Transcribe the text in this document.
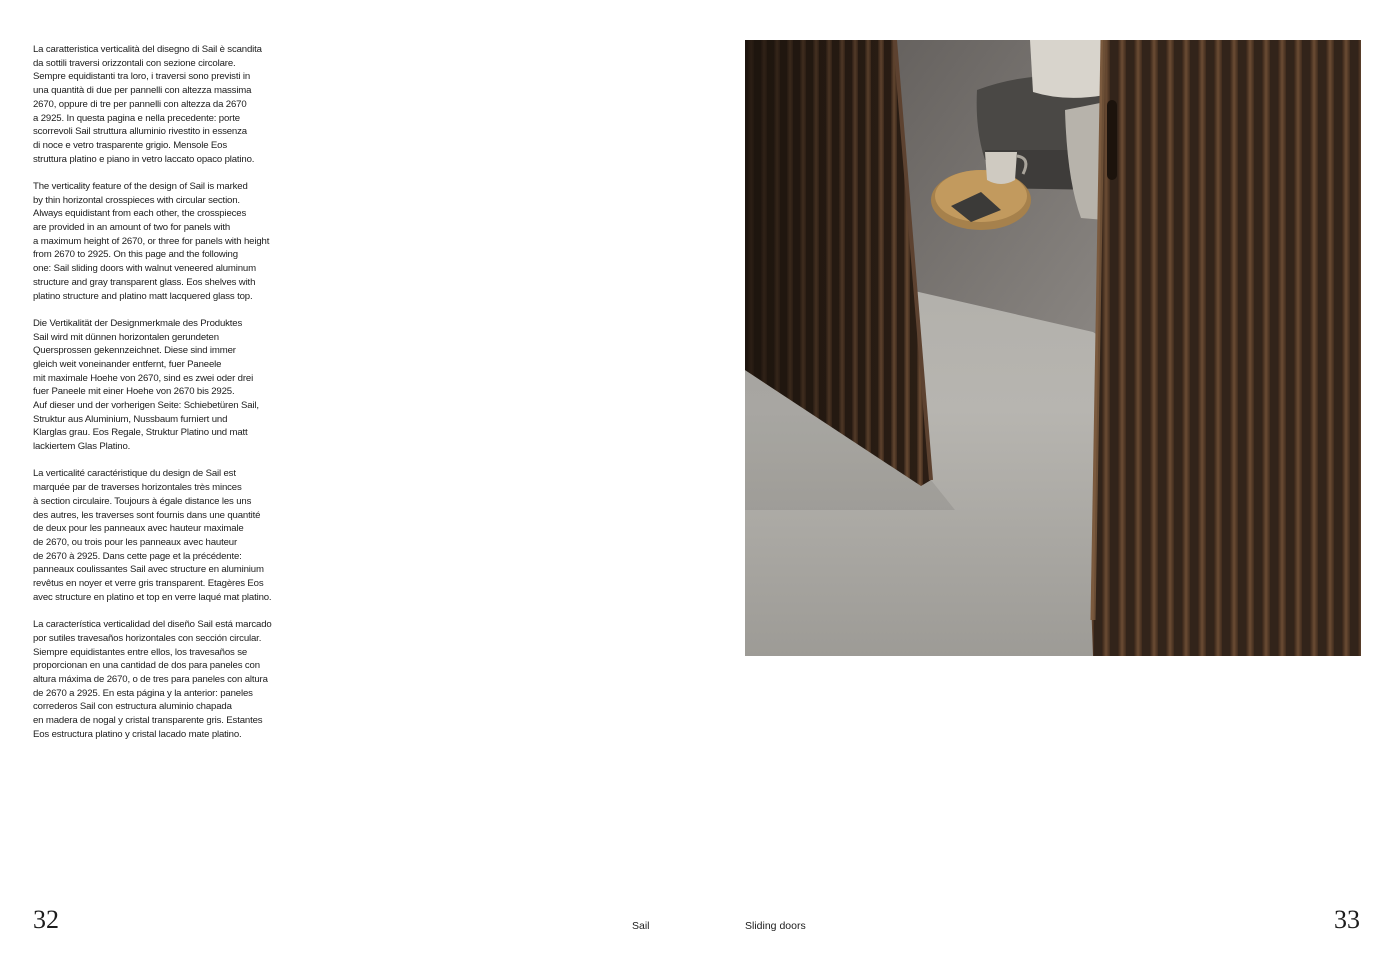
La caratteristica verticalità del disegno di Sail è scandita
da sottili traversi orizzontali con sezione circolare.
Sempre equidistanti tra loro, i traversi sono previsti in
una quantità di due per pannelli con altezza massima
2670, oppure di tre per pannelli con altezza da 2670
a 2925. In questa pagina e nella precedente: porte
scorrevoli Sail struttura alluminio rivestito in essenza
di noce e vetro trasparente grigio. Mensole Eos
struttura platino e piano in vetro laccato opaco platino.

The verticality feature of the design of Sail is marked
by thin horizontal crosspieces with circular section.
Always equidistant from each other, the crosspieces
are provided in an amount of two for panels with
a maximum height of 2670, or three for panels with height
from 2670 to 2925. On this page and the following
one: Sail sliding doors with walnut veneered aluminum
structure and gray transparent glass. Eos shelves with
platino structure and platino matt lacquered glass top.

Die Vertikalität der Designmerkmale des Produktes
Sail wird mit dünnen horizontalen gerundeten
Quersprossen gekennzeichnet. Diese sind immer
gleich weit voneinander entfernt, fuer Paneele
mit maximale Hoehe von 2670, sind es zwei oder drei
fuer Paneele mit einer Hoehe von 2670 bis 2925.
Auf dieser und der vorherigen Seite: Schiebetüren Sail,
Struktur aus Aluminium, Nussbaum furniert und
Klarglas grau. Eos Regale, Struktur Platino und matt
lackiertem Glas Platino.

La verticalité caractéristique du design de Sail est
marquée par de traverses horizontales très minces
à section circulaire. Toujours à égale distance les uns
des autres, les traverses sont fournis dans une quantité
de deux pour les panneaux avec hauteur maximale
de 2670, ou trois pour les panneaux avec hauteur
de 2670 à 2925. Dans cette page et la précédente:
panneaux coulissantes Sail avec structure en aluminium
revêtus en noyer et verre gris transparent. Etagères Eos
avec structure en platino et top en verre laqué mat platino.

La característica verticalidad del diseño Sail está marcado
por sutiles travesaños horizontales con sección circular.
Siempre equidistantes entre ellos, los travesaños se
proporcionan en una cantidad de dos para paneles con
altura máxima de 2670, o de tres para paneles con altura
de 2670 a 2925. En esta página y la anterior: paneles
correderos Sail con estructura aluminio chapada
en madera de nogal y cristal transparente gris. Estantes
Eos estructura platino y cristal lacado mate platino.

32	Sail	Sliding doors	33
